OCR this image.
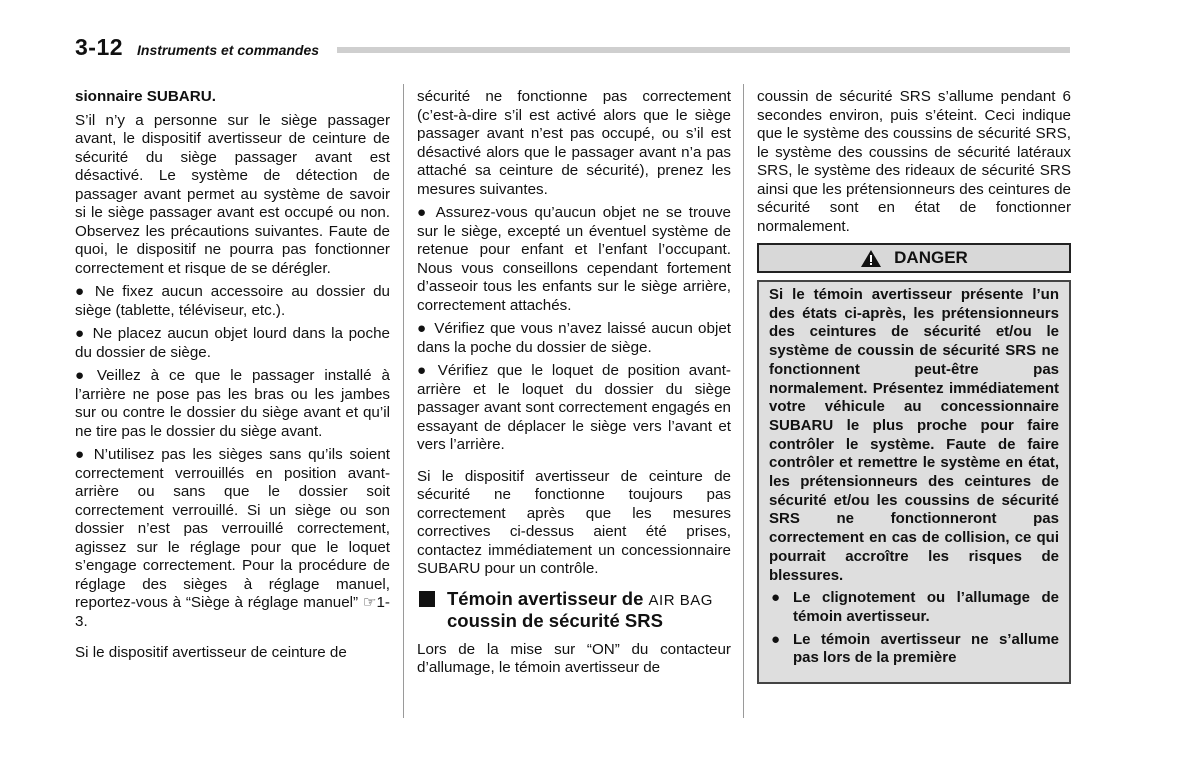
3-12 Instruments et commandes

sionnaire SUBARU.

S’il n’y a personne sur le siège passager avant, le dispositif avertisseur de ceinture de sécurité du siège passager avant est désactivé. Le système de détection de passager avant permet au système de savoir si le siège passager avant est occupé ou non. Observez les précautions suivantes. Faute de quoi, le dispositif ne pourra pas fonctionner correctement et risque de se dérégler.

● Ne fixez aucun accessoire au dossier du siège (tablette, téléviseur, etc.).

● Ne placez aucun objet lourd dans la poche du dossier de siège.

● Veillez à ce que le passager installé à l’arrière ne pose pas les bras ou les jambes sur ou contre le dossier du siège avant et qu’il ne tire pas le dossier du siège avant.

● N’utilisez pas les sièges sans qu’ils soient correctement verrouillés en position avant-arrière ou sans que le dossier soit correctement verrouillé. Si un siège ou son dossier n’est pas verrouillé correctement, agissez sur le réglage pour que le loquet s’engage correctement. Pour la procédure de réglage des sièges à réglage manuel, reportez-vous à “Siège à réglage manuel” ☞1-3.

Si le dispositif avertisseur de ceinture de

sécurité ne fonctionne pas correctement (c’est-à-dire s’il est activé alors que le siège passager avant n’est pas occupé, ou s’il est désactivé alors que le passager avant n’a pas attaché sa ceinture de sécurité), prenez les mesures suivantes.

● Assurez-vous qu’aucun objet ne se trouve sur le siège, excepté un éventuel système de retenue pour enfant et l’enfant l’occupant. Nous vous conseillons cependant fortement d’asseoir tous les enfants sur le siège arrière, correctement attachés.

● Vérifiez que vous n’avez laissé aucun objet dans la poche du dossier de siège.

● Vérifiez que le loquet de position avant-arrière et le loquet du dossier du siège passager avant sont correctement engagés en essayant de déplacer le siège vers l’avant et vers l’arrière.

Si le dispositif avertisseur de ceinture de sécurité ne fonctionne toujours pas correctement après que les mesures correctives ci-dessus aient été prises, contactez immédiatement un concessionnaire SUBARU pour un contrôle.

Témoin avertisseur de AIR BAG
coussin de sécurité SRS

Lors de la mise sur “ON” du contacteur d’allumage, le témoin avertisseur de

coussin de sécurité SRS s’allume pendant 6 secondes environ, puis s’éteint. Ceci indique que le système des coussins de sécurité SRS, le système des coussins de sécurité latéraux SRS, le système des rideaux de sécurité SRS ainsi que les prétensionneurs des ceintures de sécurité sont en état de fonctionner normalement.

DANGER

Si le témoin avertisseur présente l’un des états ci-après, les prétensionneurs des ceintures de sécurité et/ou le système de coussin de sécurité SRS ne fonctionnent peut-être pas normalement. Présentez immédiatement votre véhicule au concessionnaire SUBARU le plus proche pour faire contrôler le système. Faute de faire contrôler et remettre le système en état, les prétensionneurs des ceintures de sécurité et/ou les coussins de sécurité SRS ne fonctionneront pas correctement en cas de collision, ce qui pourrait accroître les risques de blessures.

● Le clignotement ou l’allumage de témoin avertisseur.
● Le témoin avertisseur ne s’allume pas lors de la première
